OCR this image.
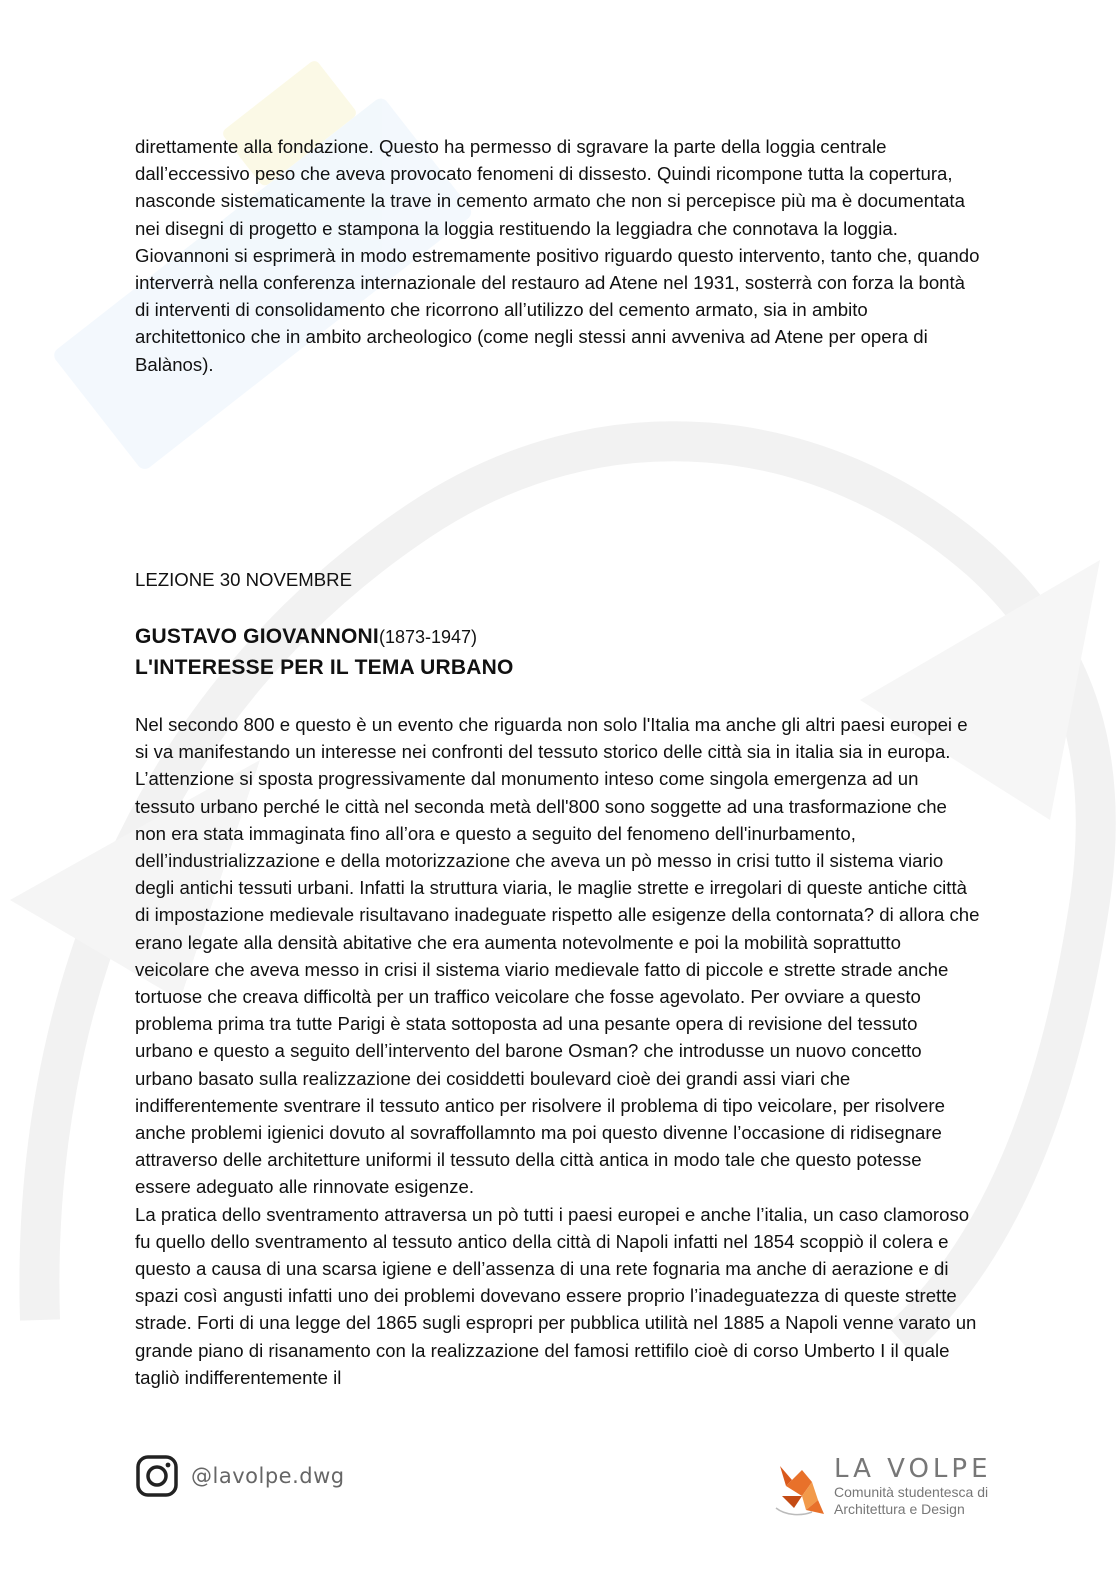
direttamente alla fondazione. Questo ha permesso di sgravare la parte della loggia centrale dall’eccessivo peso che aveva provocato fenomeni di dissesto. Quindi ricompone tutta la copertura, nasconde sistematicamente la trave in cemento armato che non si percepisce più ma è documentata nei disegni di progetto e stampona la loggia restituendo la leggiadra che connotava la loggia. Giovannoni si esprimerà in modo estremamente positivo riguardo questo intervento, tanto che, quando interverrà nella conferenza internazionale del restauro ad Atene nel 1931, sosterrà con forza la bontà di interventi di consolidamento che ricorrono all’utilizzo del cemento armato, sia in ambito architettonico che in ambito archeologico (come negli stessi anni avveniva ad Atene per opera di Balànos).

LEZIONE 30 NOVEMBRE

GUSTAVO GIOVANNONI(1873-1947)
L'INTERESSE PER IL TEMA URBANO

Nel secondo 800 e questo è un evento che riguarda non solo l'Italia ma anche gli altri paesi europei e si va manifestando un interesse nei confronti del tessuto storico delle città sia in italia sia in europa. L’attenzione si sposta progressivamente dal monumento inteso come singola emergenza ad un tessuto urbano perché le città nel seconda metà dell'800 sono soggette ad una trasformazione che non era stata immaginata fino all’ora e questo a seguito del fenomeno dell'inurbamento, dell’industrializzazione e della motorizzazione che aveva un pò messo in crisi tutto il sistema viario degli antichi tessuti urbani. Infatti la struttura viaria, le maglie strette e irregolari di queste antiche città di impostazione medievale risultavano inadeguate rispetto alle esigenze della contornata? di allora che erano legate alla densità abitative che era aumenta notevolmente e poi la mobilità soprattutto veicolare che aveva messo in crisi il sistema viario medievale fatto di piccole e strette strade anche tortuose che creava difficoltà per un traffico veicolare che fosse agevolato. Per ovviare a questo problema prima tra tutte Parigi è stata sottoposta ad una pesante opera di revisione del tessuto urbano e questo a seguito dell’intervento del barone Osman? che introdusse un nuovo concetto urbano basato sulla realizzazione dei cosiddetti boulevard cioè dei grandi assi viari che indifferentemente sventrare il tessuto antico per risolvere il problema di tipo veicolare, per risolvere anche problemi igienici dovuto al sovraffollamnto ma poi questo divenne l’occasione di ridisegnare attraverso delle architetture uniformi il tessuto della città antica in modo tale che questo potesse essere adeguato alle rinnovate esigenze.

La pratica dello sventramento attraversa un pò tutti i paesi europei e anche l’italia, un caso clamoroso fu quello dello sventramento al tessuto antico della città di Napoli infatti nel 1854 scoppiò il colera e questo a causa di una scarsa igiene e dell’assenza di una rete fognaria ma anche di aerazione e di spazi così angusti infatti uno dei problemi dovevano essere proprio l’inadeguatezza di queste strette strade. Forti di una legge del 1865 sugli espropri per pubblica utilità nel 1885 a Napoli venne varato un grande piano di risanamento con la realizzazione del famosi rettifilo cioè di corso Umberto I il quale tagliò indifferentemente il

@lavolpe.dwg	LA VOLPE
Comunità studentesca di
Architettura e Design
